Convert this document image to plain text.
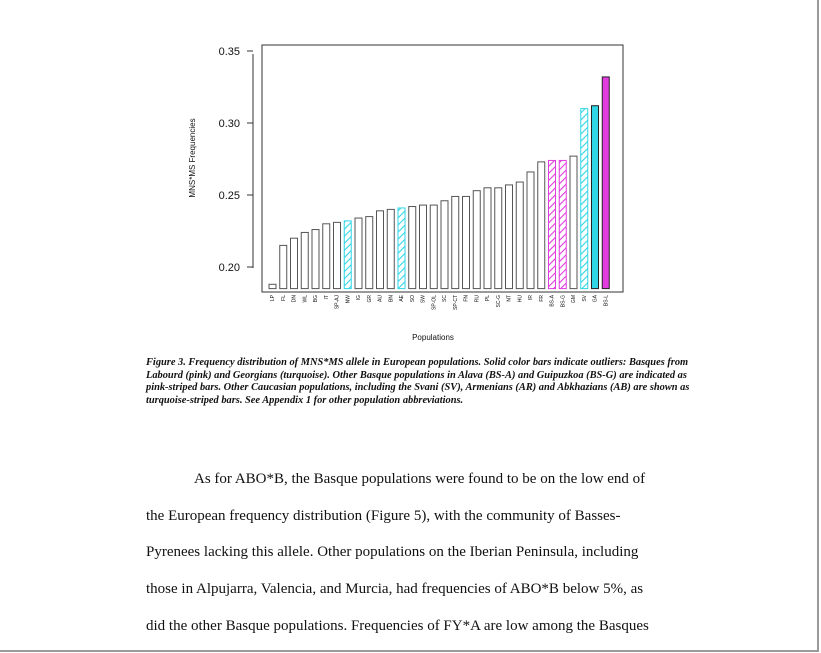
0.20
0.25
0.30
0.35
LP FL DN WL BG IT SP-AJ NW IG GR AU BN AE SO SW SP-OL SC SP-CT FN RU PL SC-G NT HU IR FR BS-A BS-G GM SV GA BS-L
MNS*MS Frequencies
Populations
Figure 3. Frequency distribution of MNS*MS allele in European populations. Solid color bars indicate outliers: Basques from Labourd (pink) and Georgians (turquoise). Other Basque populations in Alava (BS-A) and Guipuzkoa (BS-G) are indicated as pink-striped bars. Other Caucasian populations, including the Svani (SV), Armenians (AR) and Abkhazians (AB) are shown as turquoise-striped bars. See Appendix 1 for other population abbreviations.
As for ABO*B, the Basque populations were found to be on the low end of
the European frequency distribution (Figure 5), with the community of Basses-
Pyrenees lacking this allele. Other populations on the Iberian Peninsula, including
those in Alpujarra, Valencia, and Murcia, had frequencies of ABO*B below 5%, as
did the other Basque populations. Frequencies of FY*A are low among the Basques
